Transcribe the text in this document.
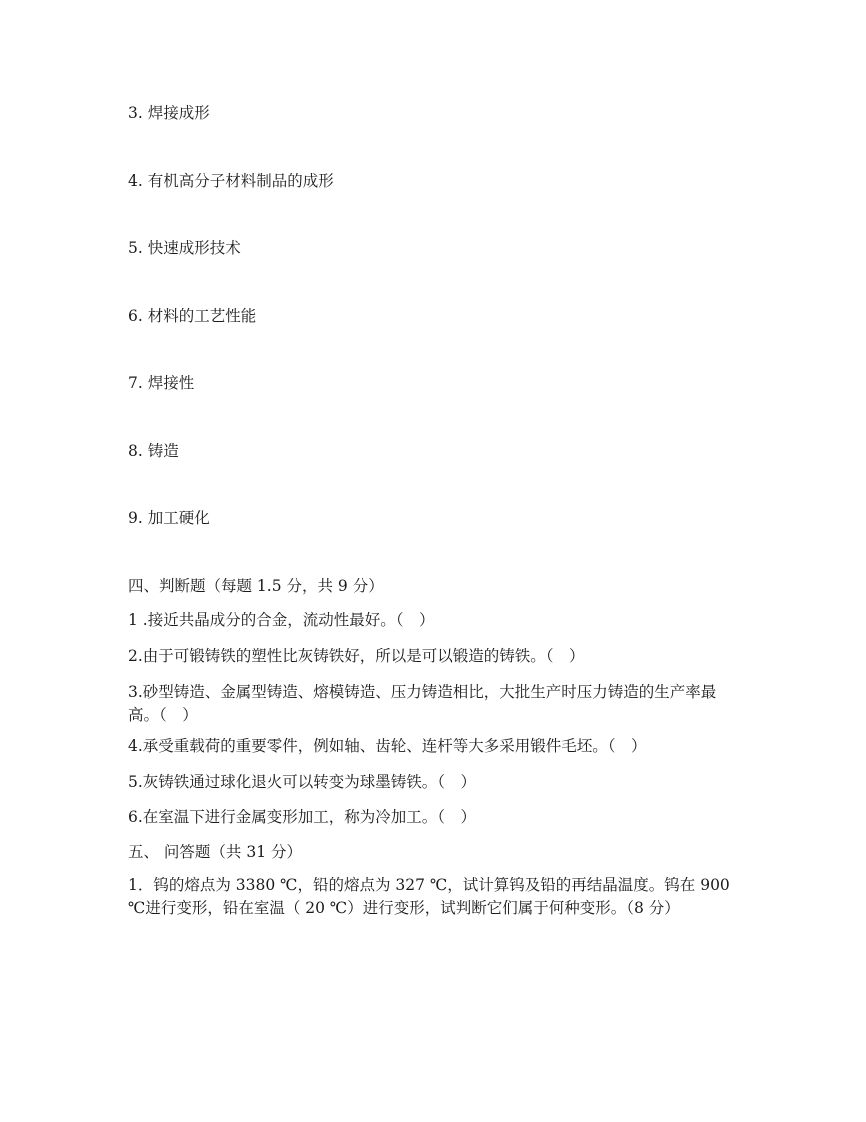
3. 焊接成形
4. 有机高分子材料制品的成形
5. 快速成形技术
6. 材料的工艺性能
7. 焊接性
8. 铸造
9. 加工硬化
四、判断题（每题 1.5 分，共 9 分）
1 .接近共晶成分的合金，流动性最好。（　）
2.由于可锻铸铁的塑性比灰铸铁好，所以是可以锻造的铸铁。（　）
3.砂型铸造、金属型铸造、熔模铸造、压力铸造相比，大批生产时压力铸造的生产率最高。（　）
4.承受重载荷的重要零件，例如轴、齿轮、连杆等大多采用锻件毛坯。（　）
5.灰铸铁通过球化退火可以转变为球墨铸铁。（　）
6.在室温下进行金属变形加工，称为冷加工。（　）
五、 问答题（共 31 分）
1．钨的熔点为 3380 ℃，铅的熔点为 327 ℃，试计算钨及铅的再结晶温度。钨在 900 ℃进行变形，铅在室温（ 20 ℃）进行变形，试判断它们属于何种变形。（8 分）
